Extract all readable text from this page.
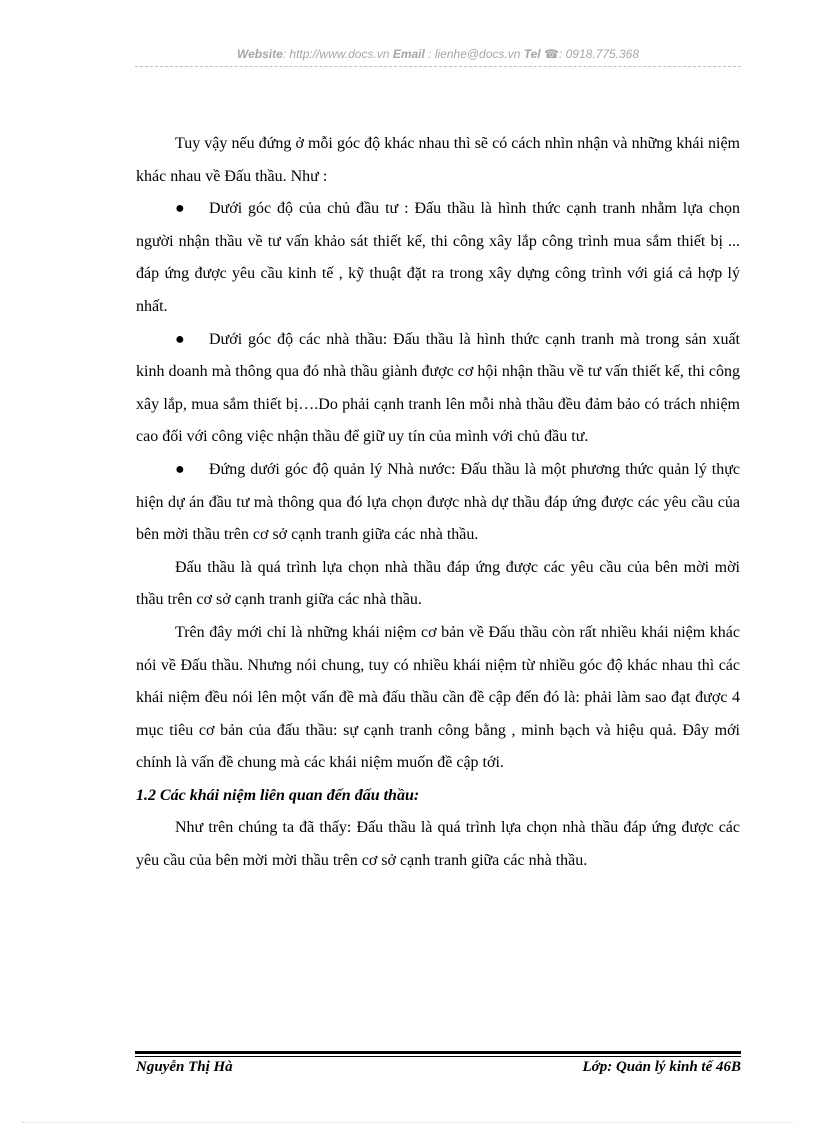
Website: http://www.docs.vn Email : lienhe@docs.vn Tel ☎: 0918.775.368

Tuy vậy nếu đứng ở mỗi góc độ khác nhau thì sẽ có cách nhìn nhận và những khái niệm khác nhau về Đấu thầu. Như :

● Dưới góc độ của chủ đầu tư : Đấu thầu là hình thức cạnh tranh nhằm lựa chọn người nhận thầu về tư vấn khảo sát thiết kế, thi công xây lắp công trình mua sắm thiết bị ... đáp ứng được yêu cầu kinh tế , kỹ thuật đặt ra trong xây dựng công trình với giá cả hợp lý nhất.

● Dưới góc độ các nhà thầu: Đấu thầu là hình thức cạnh tranh mà trong sản xuất kinh doanh mà thông qua đó nhà thầu giành được cơ hội nhận thầu về tư vấn thiết kế, thi công xây lắp, mua sắm thiết bị….Do phải cạnh tranh lên mỗi nhà thầu đều đảm bảo có trách nhiệm cao đối với công việc nhận thầu để giữ uy tín của mình với chủ đầu tư.

● Đứng dưới góc độ quản lý Nhà nước: Đấu thầu là một phương thức quản lý thực hiện dự án đầu tư mà thông qua đó lựa chọn được nhà dự thầu đáp ứng được các yêu cầu của bên mời thầu trên cơ sở cạnh tranh giữa các nhà thầu.

Đấu thầu là quá trình lựa chọn nhà thầu đáp ứng được các yêu cầu của bên mời mời thầu trên cơ sở cạnh tranh giữa các nhà thầu.

Trên đây mới chỉ là những khái niệm cơ bản về Đấu thầu còn rất nhiều khái niệm khác nói về Đấu thầu. Nhưng nói chung, tuy có nhiều khái niệm từ nhiều góc độ khác nhau thì các khái niệm đều nói lên một vấn đề mà đấu thầu cần đề cập đến đó là: phải làm sao đạt được 4 mục tiêu cơ bản của đấu thầu: sự cạnh tranh công bằng , minh bạch và hiệu quả. Đây mới chính là vấn đề chung mà các khái niệm muốn đề cập tới.

1.2 Các khái niệm liên quan đến đấu thầu:

Như trên chúng ta đã thấy: Đấu thầu là quá trình lựa chọn nhà thầu đáp ứng được các yêu cầu của bên mời mời thầu trên cơ sở cạnh tranh giữa các nhà thầu.

Nguyễn Thị Hà	Lớp: Quản lý kinh tế 46B
